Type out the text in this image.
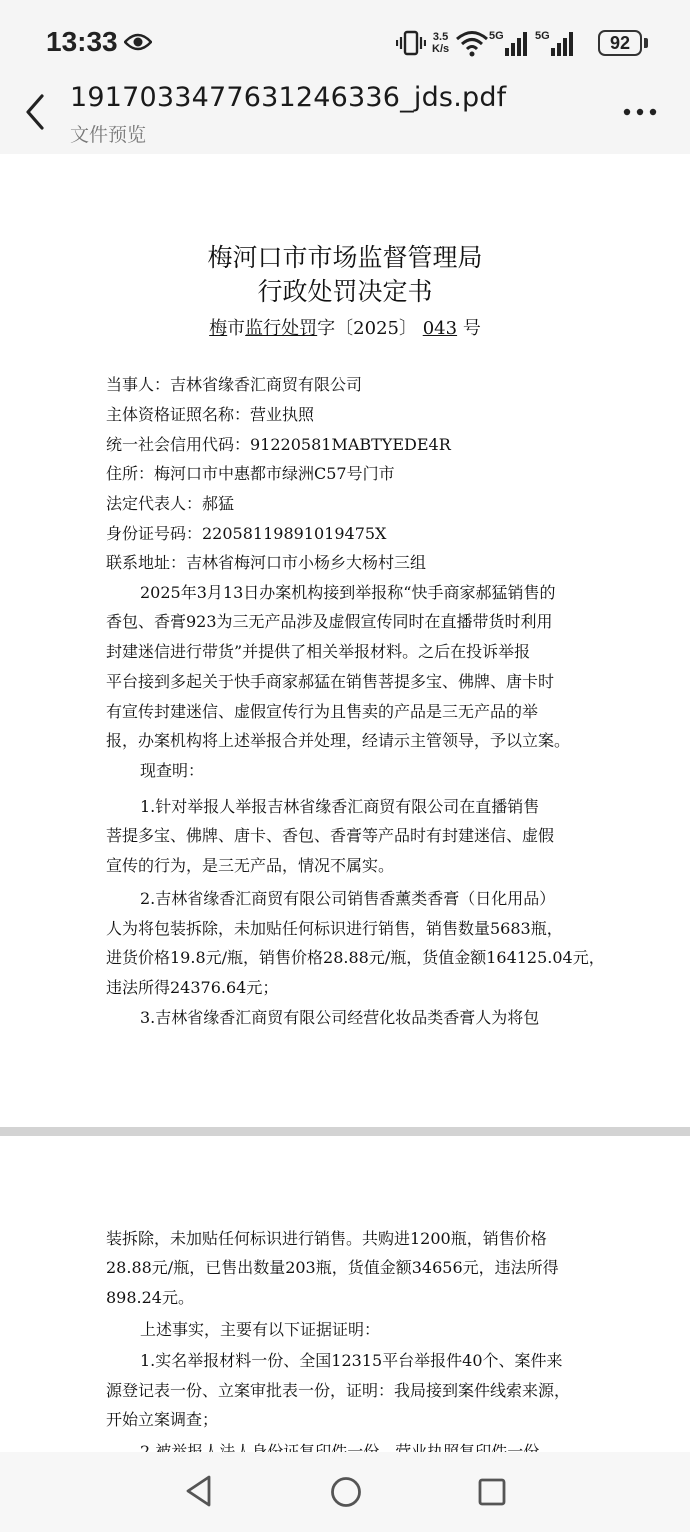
13:33	3.5
K/s
5G	5G	92
1917033477631246336_jds.pdf
文件预览
梅河口市市场监督管理局
行政处罚决定书
梅市监行处罚字〔2025〕 043 号
当事人：吉林省缘香汇商贸有限公司
主体资格证照名称：营业执照
统一社会信用代码：91220581MABTYEDE4R
住所：梅河口市中惠都市绿洲C57号门市
法定代表人：郝猛
身份证号码：220581198910194​75X
联系地址：吉林省梅河口市小杨乡大杨村三组
2025年3月13日办案机构接到举报称“快手商家郝猛销售的
香包、香膏923为三无产品涉及虚假宣传同时在直播带货时利用
封建迷信进行带货”并提供了相关举报材料。之后在投诉举报
平台接到多起关于快手商家郝猛在销售菩提多宝、佛牌、唐卡时
有宣传封建迷信、虚假宣传行为且售卖的产品是三无产品的举
报，办案机构将上述举报合并处理，经请示主管领导，予以立案。
现查明：
1.针对举报人举报吉林省缘香汇商贸有限公司在直播销售
菩提多宝、佛牌、唐卡、香包、香膏等产品时有封建迷信、虚假
宣传的行为，是三无产品，情况不属实。
2.吉林省缘香汇商贸有限公司销售香薰类香膏（日化用品）
人为将包装拆除，未加贴任何标识进行销售，销售数量5683瓶，
进货价格19.8元/瓶，销售价格28.88元/瓶，货值金额164125.04元，
违法所得24376.64元；
3.吉林省缘香汇商贸有限公司经营化妆品类香膏人为将包
装拆除，未加贴任何标识进行销售。共购进1200瓶，销售价格
28.88元/瓶，已售出数量203瓶，货值金额34656元，违法所得
898.24元。
上述事实，主要有以下证据证明：
1.实名举报材料一份、全国12315平台举报件40个、案件来
源登记表一份、立案审批表一份，证明：我局接到案件线索来源，
开始立案调查；
